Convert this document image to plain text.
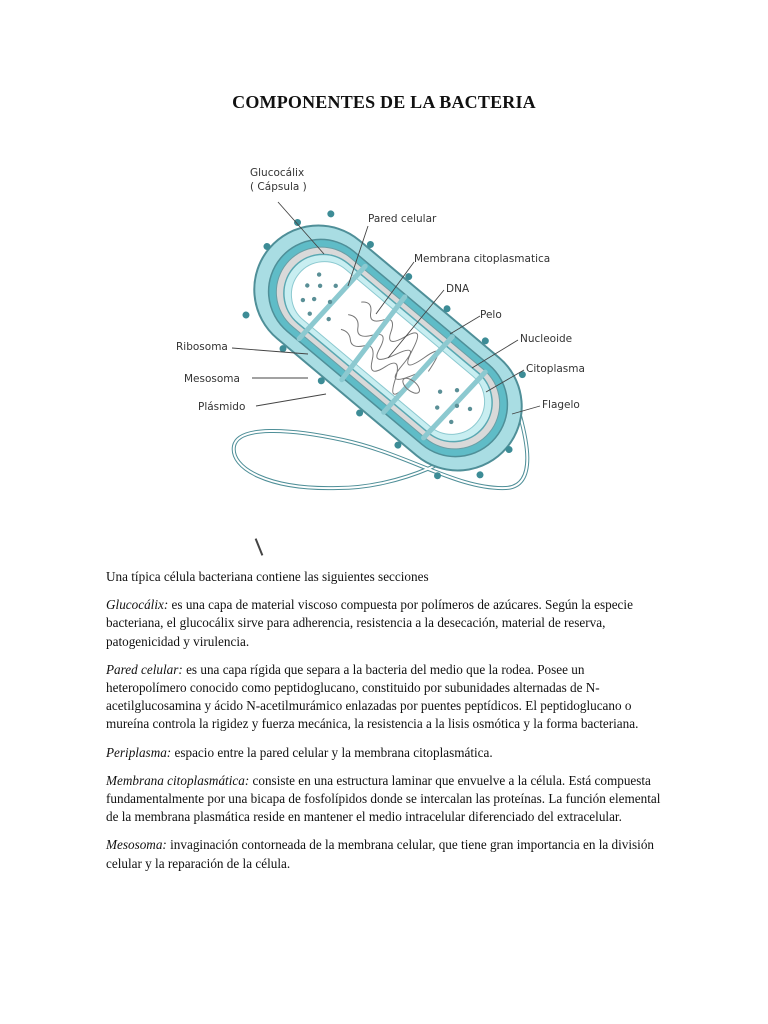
COMPONENTES DE LA BACTERIA
Glucocálix
( Cápsula )
Pared celular
Membrana citoplasmatica
DNA
Pelo
Nucleoide
Citoplasma
Flagelo
Ribosoma
Mesosoma
Plásmido

Una típica célula bacteriana contiene las siguientes secciones

Glucocálix: es una capa de material viscoso compuesta por polímeros de azúcares. Según la especie bacteriana, el glucocálix sirve para adherencia, resistencia a la desecación, material de reserva, patogenicidad y virulencia.

Pared celular: es una capa rígida que separa a la bacteria del medio que la rodea. Posee un heteropolímero conocido como peptidoglucano, constituido por subunidades alternadas de N-acetilglucosamina y ácido N-acetilmurámico enlazadas por puentes peptídicos. El peptidoglucano o mureína controla la rigidez y fuerza mecánica, la resistencia a la lisis osmótica y la forma bacteriana.

Periplasma: espacio entre la pared celular y la membrana citoplasmática.

Membrana citoplasmática: consiste en una estructura laminar que envuelve a la célula. Está compuesta fundamentalmente por una bicapa de fosfolípidos donde se intercalan las proteínas. La función elemental de la membrana plasmática reside en mantener el medio intracelular diferenciado del extracelular.

Mesosoma: invaginación contorneada de la membrana celular, que tiene gran importancia en la división celular y la reparación de la célula.
